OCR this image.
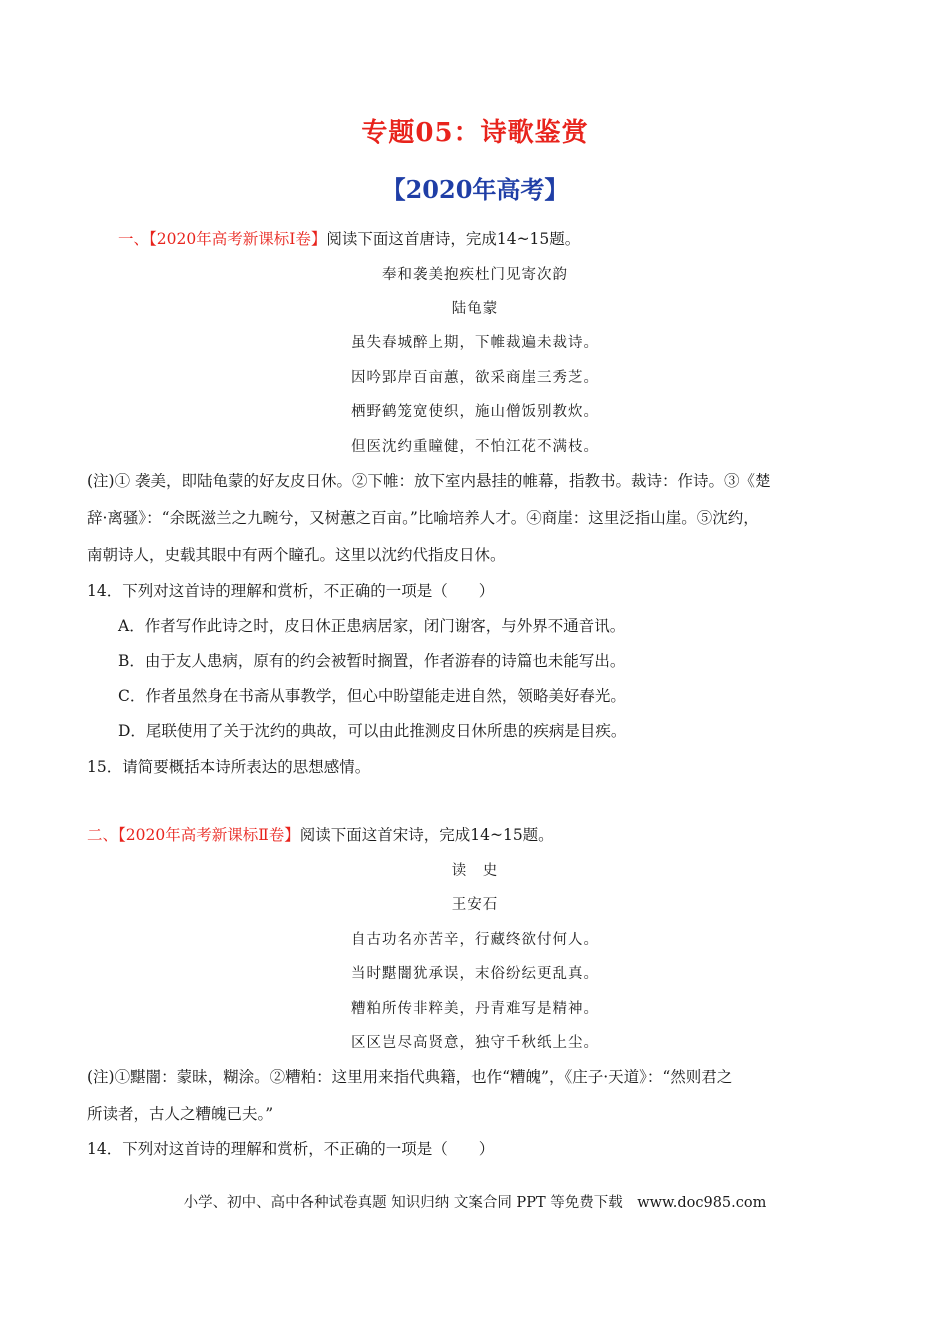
专题05：诗歌鉴赏
【2020年高考】
一、【2020年高考新课标Ⅰ卷】阅读下面这首唐诗，完成14~15题。
奉和袭美抱疾杜门见寄次韵
陆龟蒙
虽失春城醉上期，下帷裁遍未裁诗。
因吟郢岸百亩蕙，欲采商崖三秀芝。
栖野鹤笼宽使织，施山僧饭别教炊。
但医沈约重瞳健，不怕江花不满枝。
(注)① 袭美，即陆龟蒙的好友皮日休。②下帷：放下室内悬挂的帷幕，指教书。裁诗：作诗。③《楚
辞·离骚》：“余既滋兰之九畹兮，又树蕙之百亩。”比喻培养人才。④商崖：这里泛指山崖。⑤沈约，
南朝诗人，史载其眼中有两个瞳孔。这里以沈约代指皮日休。
14．下列对这首诗的理解和赏析，不正确的一项是（　　）
A．作者写作此诗之时，皮日休正患病居家，闭门谢客，与外界不通音讯。
B．由于友人患病，原有的约会被暂时搁置，作者游春的诗篇也未能写出。
C．作者虽然身在书斋从事教学，但心中盼望能走进自然，领略美好春光。
D．尾联使用了关于沈约的典故，可以由此推测皮日休所患的疾病是目疾。
15．请简要概括本诗所表达的思想感情。
二、【2020年高考新课标Ⅱ卷】阅读下面这首宋诗，完成14~15题。
读　史
王安石
自古功名亦苦辛，行藏终欲付何人。
当时黮闇犹承误，末俗纷纭更乱真。
糟粕所传非粹美，丹青难写是精神。
区区岂尽高贤意，独守千秋纸上尘。
(注)①黮闇：蒙昧，糊涂。②糟粕：这里用来指代典籍，也作“糟魄”，《庄子·天道》：“然则君之
所读者，古人之糟魄已夫。”
14．下列对这首诗的理解和赏析，不正确的一项是（　　）
小学、初中、高中各种试卷真题 知识归纳 文案合同 PPT 等免费下载　www.doc985.com
